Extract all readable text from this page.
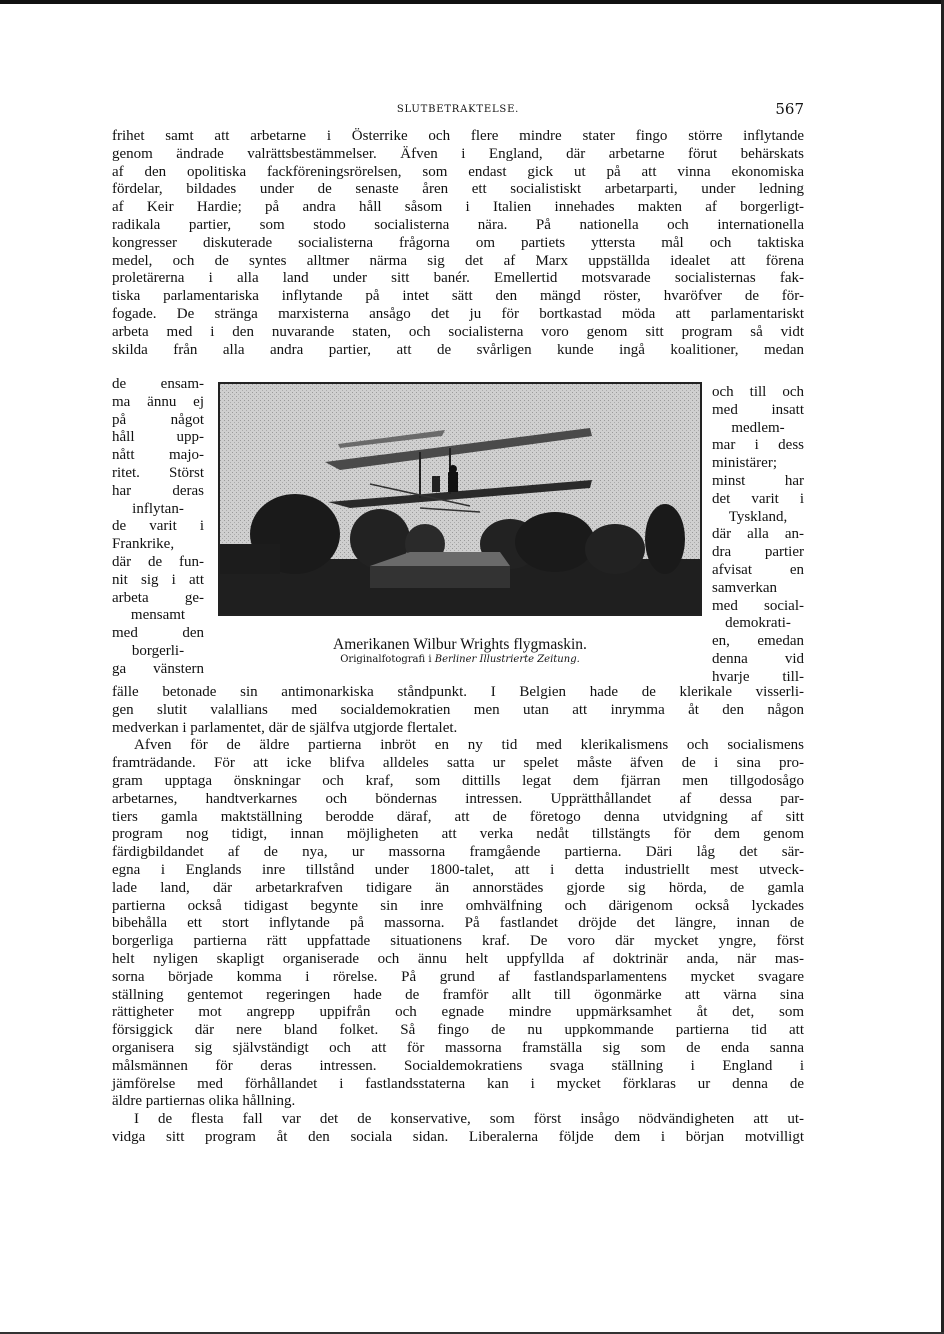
SLUTBETRAKTELSE.	567
frihet samt att arbetarne i Österrike och flere mindre stater fingo större inflytande
genom ändrade valrättsbestämmelser. Äfven i England, där arbetarne förut behärskats
af den opolitiska fackföreningsrörelsen, som endast gick ut på att vinna ekonomiska
fördelar, bildades under de senaste åren ett socialistiskt arbetarparti, under ledning
af Keir Hardie; på andra håll såsom i Italien innehades makten af borgerligt-
radikala partier, som stodo socialisterna nära. På nationella och internationella
kongresser diskuterade socialisterna frågorna om partiets yttersta mål och taktiska
medel, och de syntes alltmer närma sig det af Marx uppställda idealet att förena
proletärerna i alla land under sitt banér. Emellertid motsvarade socialisternas fak-
tiska parlamentariska inflytande på intet sätt den mängd röster, hvaröfver de för-
fogade. De stränga marxisterna ansågo det ju för bortkastad möda att parlamentariskt
arbeta med i den nuvarande staten, och socialisterna voro genom sitt program så vidt
skilda från alla andra partier, att de svårligen kunde ingå koalitioner, medan
de ensam-
ma ännu ej
på något
håll upp-
nått majo-
ritet. Störst
har deras
inflytan-
de varit i
Frankrike,
där de fun-
nit sig i att
arbeta ge-
mensamt
med den
borgerli-
ga vänstern
Amerikanen Wilbur Wrights flygmaskin.
Originalfotografi i Berliner Illustrierte Zeitung.
och till och
med insatt
medlem-
mar i dess
ministärer;
minst har
det varit i
Tyskland,
där alla an-
dra partier
afvisat en
samverkan
med social-
demokrati-
en, emedan
denna vid
hvarje till-
fälle betonade sin antimonarkiska ståndpunkt. I Belgien hade de klerikale visserli-
gen slutit valallians med socialdemokratien men utan att inrymma åt den någon
medverkan i parlamentet, där de själfva utgjorde flertalet.
Afven för de äldre partierna inbröt en ny tid med klerikalismens och socialismens
framträdande. För att icke blifva alldeles satta ur spelet måste äfven de i sina pro-
gram upptaga önskningar och kraf, som dittills legat dem fjärran men tillgodosågo
arbetarnes, handtverkarnes och böndernas intressen. Upprätthållandet af dessa par-
tiers gamla maktställning berodde däraf, att de företogo denna utvidgning af sitt
program nog tidigt, innan möjligheten att verka nedåt tillstängts för dem genom
färdigbildandet af de nya, ur massorna framgående partierna. Däri låg det sär-
egna i Englands inre tillstånd under 1800-talet, att i detta industriellt mest utveck-
lade land, där arbetarkrafven tidigare än annorstädes gjorde sig hörda, de gamla
partierna också tidigast begynte sin inre omhvälfning och därigenom också lyckades
bibehålla ett stort inflytande på massorna. På fastlandet dröjde det längre, innan de
borgerliga partierna rätt uppfattade situationens kraf. De voro där mycket yngre, först
helt nyligen skapligt organiserade och ännu helt uppfyllda af doktrinär anda, när mas-
sorna började komma i rörelse. På grund af fastlandsparlamentens mycket svagare
ställning gentemot regeringen hade de framför allt till ögonmärke att värna sina
rättigheter mot angrepp uppifrån och egnade mindre uppmärksamhet åt det, som
försiggick där nere bland folket. Så fingo de nu uppkommande partierna tid att
organisera sig självständigt och att för massorna framställa sig som de enda sanna
målsmännen för deras intressen. Socialdemokratiens svaga ställning i England i
jämförelse med förhållandet i fastlandsstaterna kan i mycket förklaras ur denna de
äldre partiernas olika hållning.
I de flesta fall var det de konservative, som först insågo nödvändigheten att ut-
vidga sitt program åt den sociala sidan. Liberalerna följde dem i början motvilligt
